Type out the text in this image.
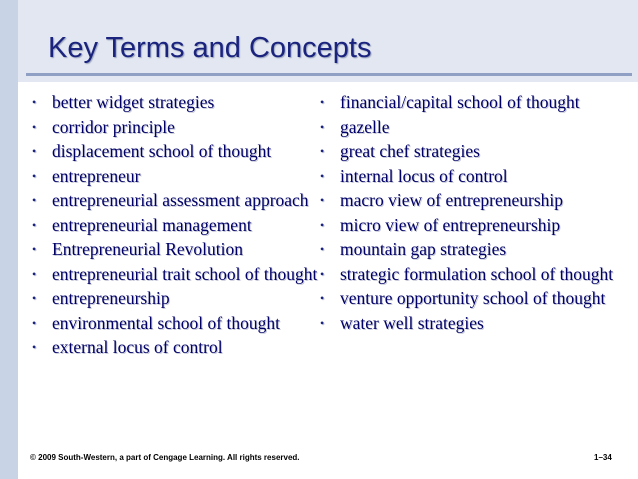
Key Terms and Concepts
• better widget strategies
• corridor principle
• displacement school of thought
• entrepreneur
• entrepreneurial assessment approach
• entrepreneurial management
• Entrepreneurial Revolution
• entrepreneurial trait school of thought
• entrepreneurship
• environmental school of thought
• external locus of control
• financial/capital school of thought
• gazelle
• great chef strategies
• internal locus of control
• macro view of entrepreneurship
• micro view of entrepreneurship
• mountain gap strategies
• strategic formulation school of thought
• venture opportunity school of thought
• water well strategies
© 2009 South-Western, a part of Cengage Learning. All rights reserved.	1–34
